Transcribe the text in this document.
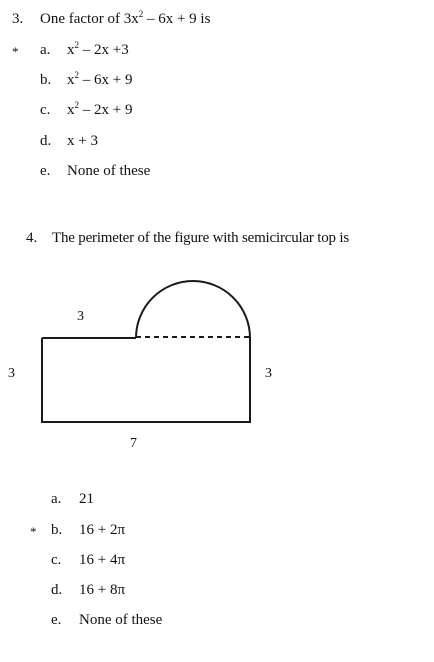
3. One factor of $3x^2 - 6x + 9$ is
* a. $x^2 - 2x +3$
b. $x^2 - 6x + 9$
c. $x^2 - 2x + 9$
d. x + 3
e. None of these
4. The perimeter of the figure with semicircular top is
3
3	3
7
a. 21
* b. 16 + 2π
c. 16 + 4π
d. 16 + 8π
e. None of these
